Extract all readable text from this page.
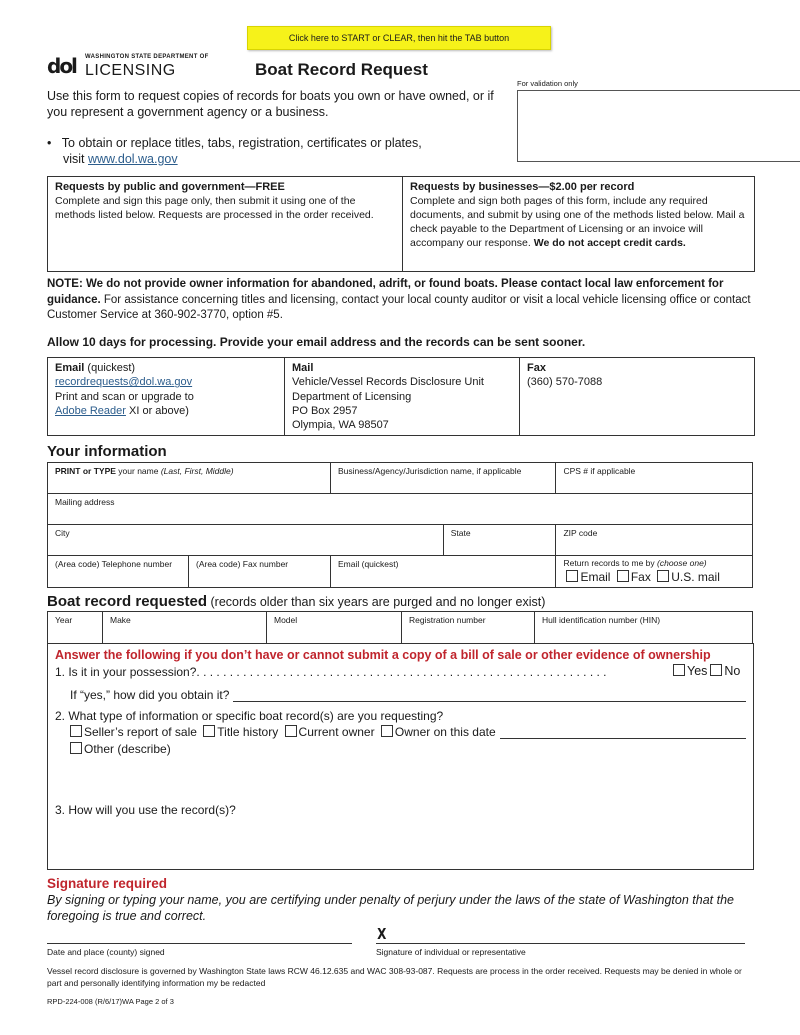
Click here to START or CLEAR, then hit the TAB button
dol WASHINGTON STATE DEPARTMENT OF
LICENSING	Boat Record Request
For validation only
Use this form to request copies of records for boats you own or have owned, or if you represent a government agency or a business.
•   To obtain or replace titles, tabs, registration, certificates or plates,
visit www.dol.wa.gov
Requests by public and government—FREE
Complete and sign this page only, then submit it using one of the methods listed below. Requests are processed in the order received.
Requests by businesses—$2.00 per record
Complete and sign both pages of this form, include any required documents, and submit by using one of the methods listed below. Mail a check payable to the Department of Licensing or an invoice will accompany our response. We do not accept credit cards.
NOTE: We do not provide owner information for abandoned, adrift, or found boats. Please contact local law enforcement for guidance. For assistance concerning titles and licensing, contact your local county auditor or visit a local vehicle licensing office or contact Customer Service at 360-902-3770, option #5.
Allow 10 days for processing. Provide your email address and the records can be sent sooner.
Email (quickest)
recordrequests@dol.wa.gov
Print and scan or upgrade to
Adobe Reader XI or above)
Mail
Vehicle/Vessel Records Disclosure Unit
Department of Licensing
PO Box 2957
Olympia, WA 98507
Fax
(360) 570-7088
Your information
PRINT or TYPE your name (Last, First, Middle)		Business/Agency/Jurisdiction name, if applicable		CPS # if applicable
Mailing address				
City			State	ZIP code
(Area code) Telephone number	(Area code) Fax number	Email (quickest)		Return records to me by (choose one)
Email Fax U.S. mail
Boat record requested (records older than six years are purged and no longer exist)
Year	Make	Model	Registration number	Hull identification number (HIN)
Answer the following if you don’t have or cannot submit a copy of a bill of sale or other evidence of ownership
1. Is it in your possession?. . . . . . . . . . . . . . . . . . . . . . . . . . . . . . . . . . . . . . . . . . . . . . . . . . . . . . . . . . . . . .	Yes No
If “yes,” how did you obtain it?
2. What type of information or specific boat record(s) are you requesting?
Seller’s report of sale
Title history
Current owner
Owner on this date
Other (describe)
3. How will you use the record(s)?
Signature required
By signing or typing your name, you are certifying under penalty of perjury under the laws of the state of Washington that the foregoing is true and correct.
X
Date and place (county) signed	Signature of individual or representative
Vessel record disclosure is governed by Washington State laws RCW 46.12.635 and WAC 308-93-087. Requests are process in the order received. Requests may be denied in whole or part and personally identifying information my be redacted
RPD-224-008 (R/6/17)WA Page 2 of 3
